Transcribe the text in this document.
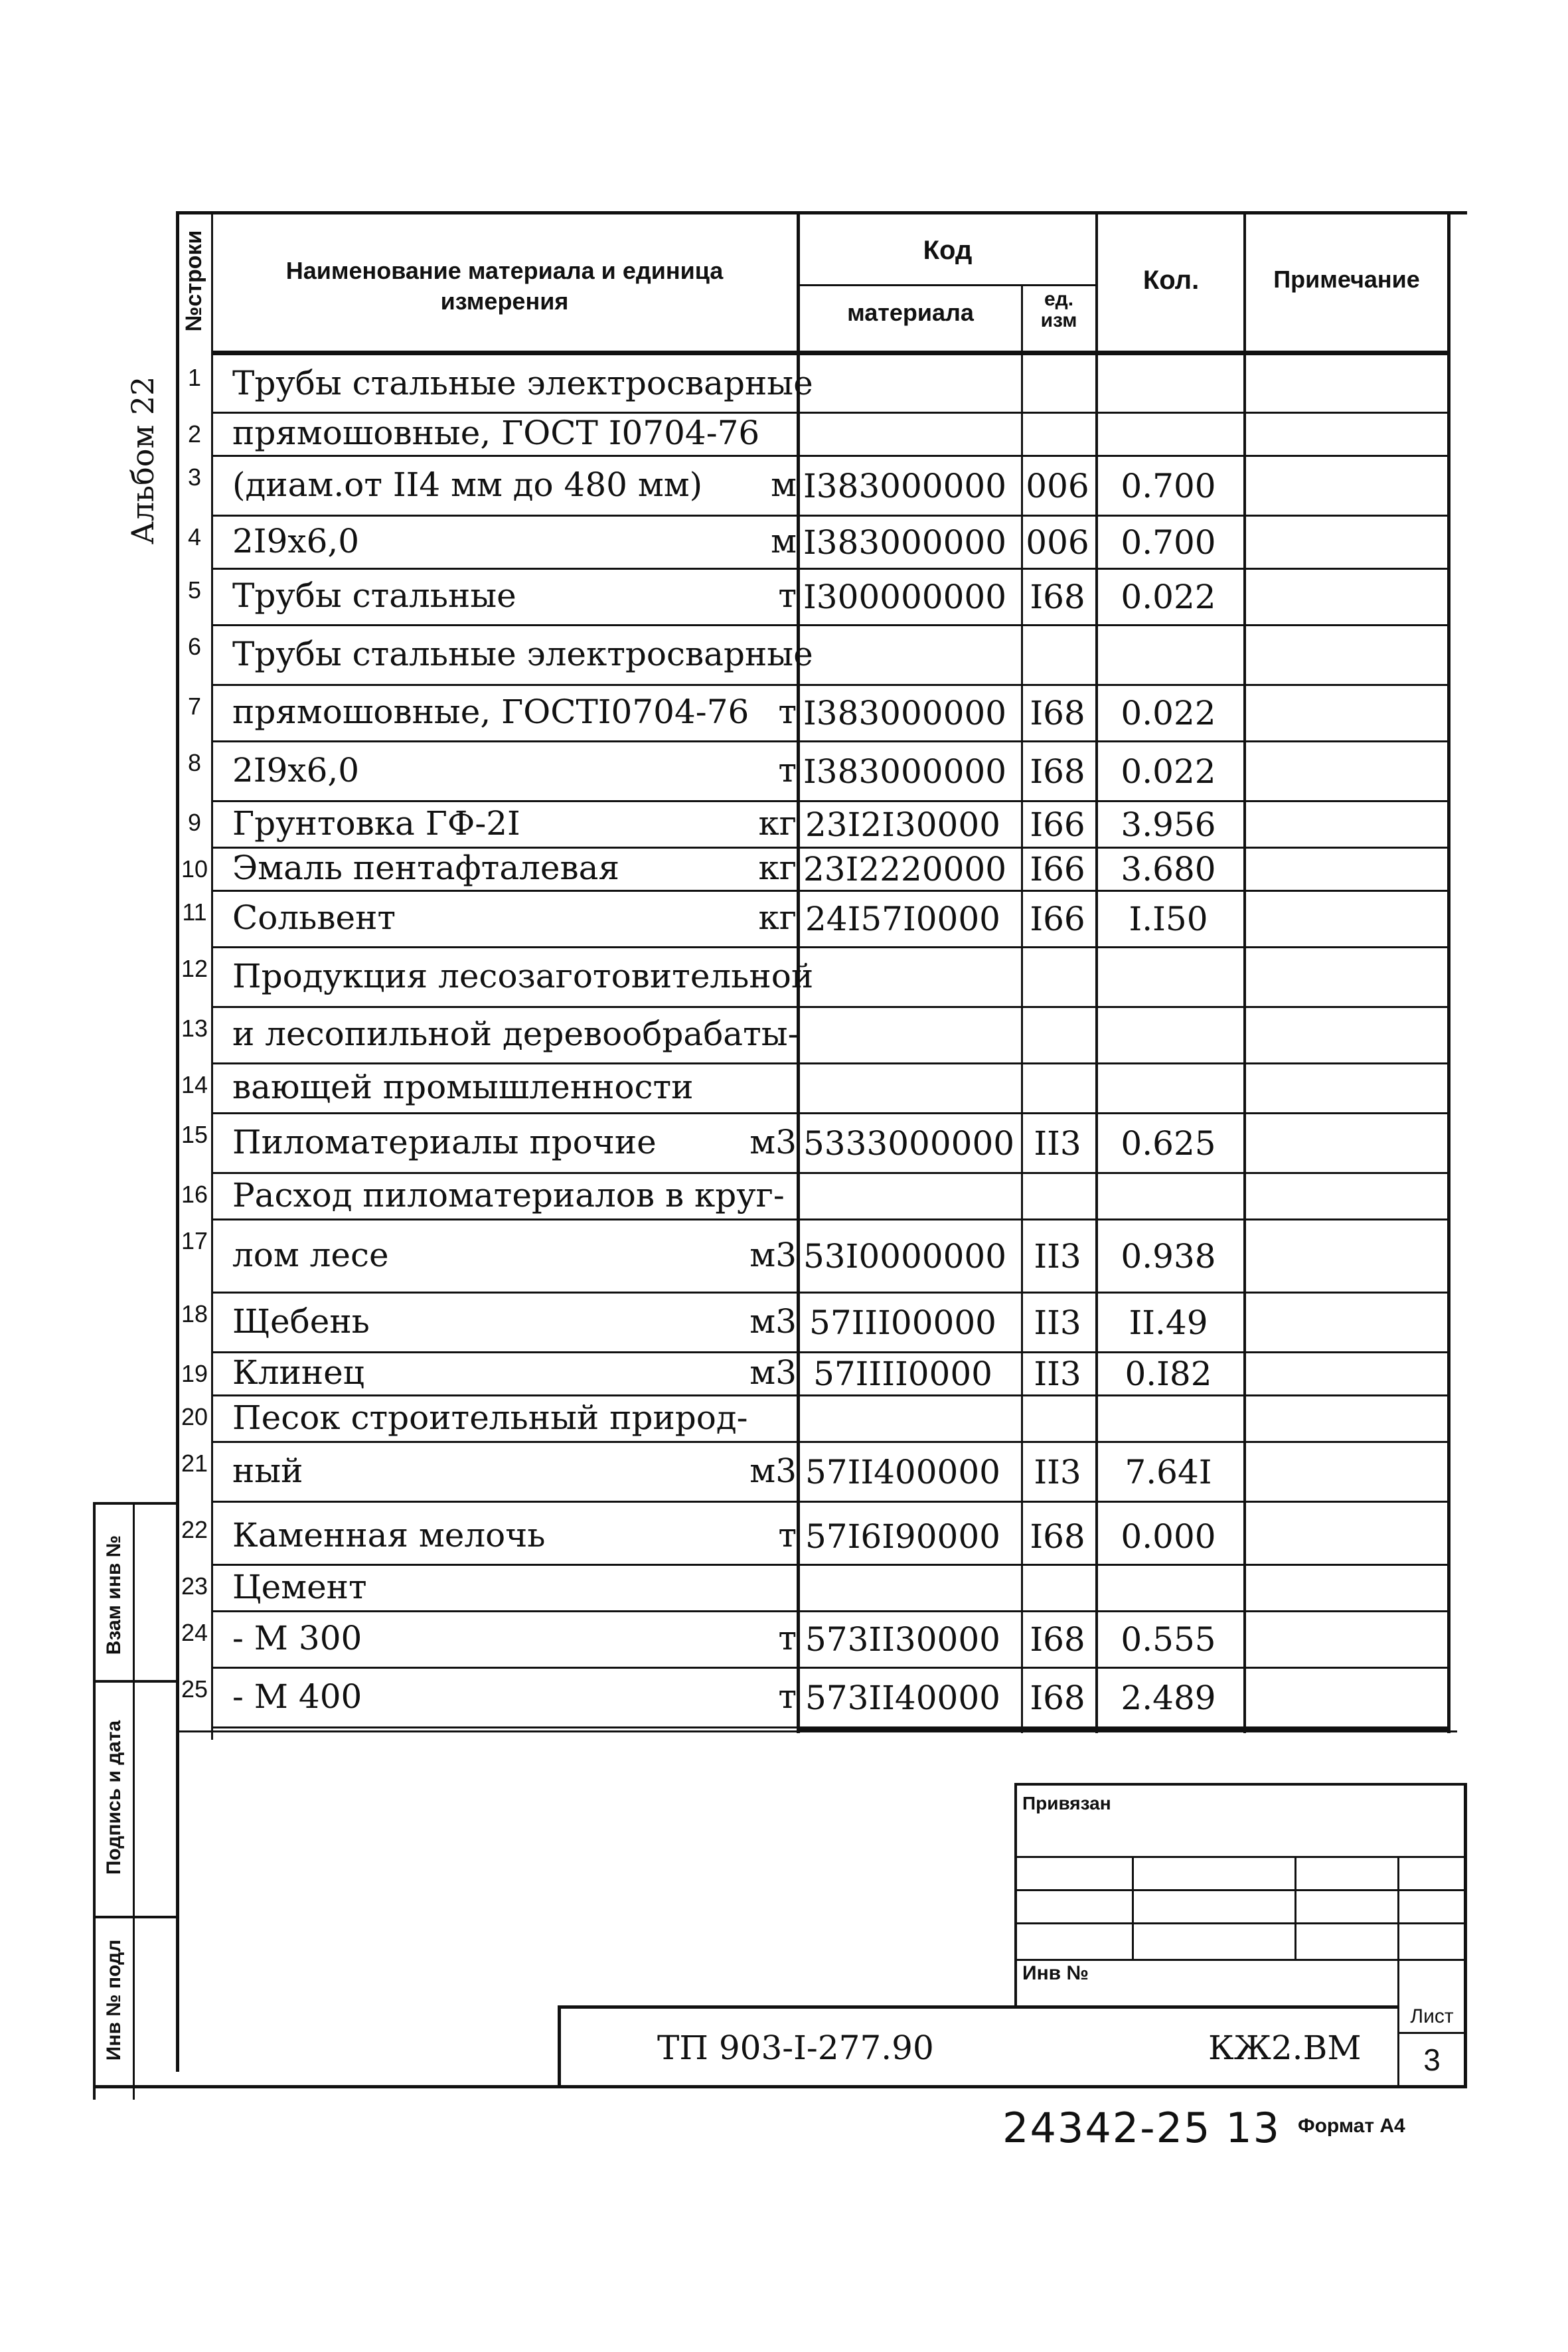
Альбом 22
№строки	Наименование материала и единица измерения
Код
материала	ед. изм
Кол.	Примечание
1 Трубы стальные электросварные
2 прямошовные, ГОСТ I0704-76
3 (диам.от II4 мм до 480 мм)	м I383000000 006 0.700
4 2I9x6,0	м I383000000 006 0.700
5 Трубы стальные	т I300000000 I68	0.022
6 Трубы стальные электросварные
7 прямошовные, ГОСТI0704-76 т I383000000 I68	0.022
8 2I9x6,0	т I383000000 I68	0.022
9 Грунтовка ГФ-2I	кг 23I2I30000 I66	3.956
10 Эмаль пентафталевая	кг 23I2220000 I66	3.680
11 Сольвент	кг 24I57I0000 I66	I.I50
12 Продукция лесозаготовительной
13 и лесопильной деревообрабаты-
14 вающей промышленности
15 Пиломатериалы прочие	м3 5333000000 II3	0.625
16 Расход пиломатериалов в круг-
17 лом лесе	м3 53I0000000 II3	0.938
18 Щебень	м3 57III00000	II3	II.49
19 Клинец	м3 57IIII0000	II3	0.I82
20 Песок строительный природ-
21 ный	м3 57II400000	II3	7.64I
22 Каменная мелочь	т 57I6I90000 I68	0.000
23 Цемент
24 - М 300	т 573II30000 I68	0.555
25 - М 400	т 573II40000 I68	2.489
Взам инв №
Подпись и дата
Инв № подл
Привязан
Инв №
Лист
3
ТП 903-I-277.90	КЖ2.ВМ
24342-25 13 Формат А4
